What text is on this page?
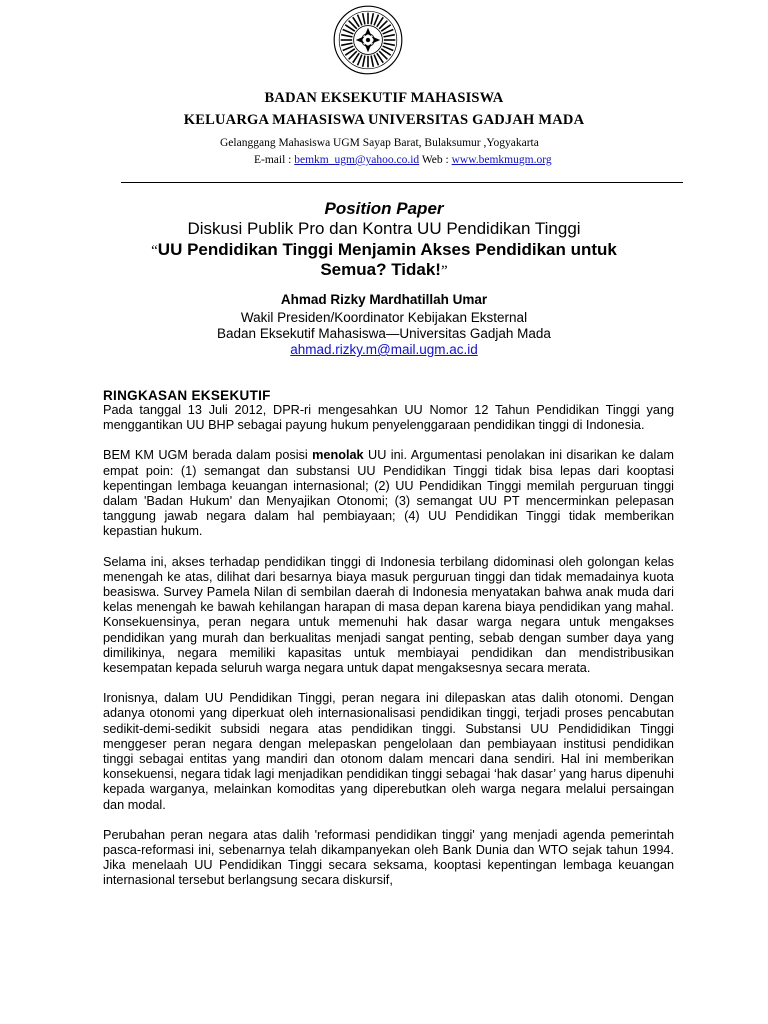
BADAN EKSEKUTIF MAHASISWA
KELUARGA MAHASISWA UNIVERSITAS GADJAH MADA
Gelanggang Mahasiswa UGM Sayap Barat, Bulaksumur ,Yogyakarta
E-mail : bemkm_ugm@yahoo.co.id Web : www.bemkmugm.org
Position Paper
Diskusi Publik Pro dan Kontra UU Pendidikan Tinggi
“UU Pendidikan Tinggi Menjamin Akses Pendidikan untuk
Semua? Tidak!”
Ahmad Rizky Mardhatillah Umar
Wakil Presiden/Koordinator Kebijakan Eksternal
Badan Eksekutif Mahasiswa—Universitas Gadjah Mada
ahmad.rizky.m@mail.ugm.ac.id
RINGKASAN EKSEKUTIF

Pada tanggal 13 Juli 2012, DPR-ri mengesahkan UU Nomor 12 Tahun Pendidikan Tinggi yang menggantikan UU BHP sebagai payung hukum penyelenggaraan pendidikan tinggi di Indonesia.

BEM KM UGM berada dalam posisi menolak UU ini. Argumentasi penolakan ini disarikan ke dalam empat poin: (1) semangat dan substansi UU Pendidikan Tinggi tidak bisa lepas dari kooptasi kepentingan lembaga keuangan internasional; (2) UU Pendidikan Tinggi memilah perguruan tinggi dalam 'Badan Hukum' dan Menyajikan Otonomi; (3) semangat UU PT mencerminkan pelepasan tanggung jawab negara dalam hal pembiayaan; (4) UU Pendidikan Tinggi tidak memberikan kepastian hukum.

Selama ini, akses terhadap pendidikan tinggi di Indonesia terbilang didominasi oleh golongan kelas menengah ke atas, dilihat dari besarnya biaya masuk perguruan tinggi dan tidak memadainya kuota beasiswa. Survey Pamela Nilan di sembilan daerah di Indonesia menyatakan bahwa anak muda dari kelas menengah ke bawah kehilangan harapan di masa depan karena biaya pendidikan yang mahal. Konsekuensinya, peran negara untuk memenuhi hak dasar warga negara untuk mengakses pendidikan yang murah dan berkualitas menjadi sangat penting, sebab dengan sumber daya yang dimilikinya, negara memiliki kapasitas untuk membiayai pendidikan dan mendistribusikan kesempatan kepada seluruh warga negara untuk dapat mengaksesnya secara merata.

Ironisnya, dalam UU Pendidikan Tinggi, peran negara ini dilepaskan atas dalih otonomi. Dengan adanya otonomi yang diperkuat oleh internasionalisasi pendidikan tinggi, terjadi proses pencabutan sedikit-demi-sedikit subsidi negara atas pendidikan tinggi. Substansi UU Pendididikan Tinggi menggeser peran negara dengan melepaskan pengelolaan dan pembiayaan institusi pendidikan tinggi sebagai entitas yang mandiri dan otonom dalam mencari dana sendiri. Hal ini memberikan konsekuensi, negara tidak lagi menjadikan pendidikan tinggi sebagai ‘hak dasar’ yang harus dipenuhi kepada warganya, melainkan komoditas yang diperebutkan oleh warga negara melalui persaingan dan modal.

Perubahan peran negara atas dalih 'reformasi pendidikan tinggi' yang menjadi agenda pemerintah pasca-reformasi ini, sebenarnya telah dikampanyekan oleh Bank Dunia dan WTO sejak tahun 1994. Jika menelaah UU Pendidikan Tinggi secara seksama, kooptasi kepentingan lembaga keuangan internasional tersebut berlangsung secara diskursif,
